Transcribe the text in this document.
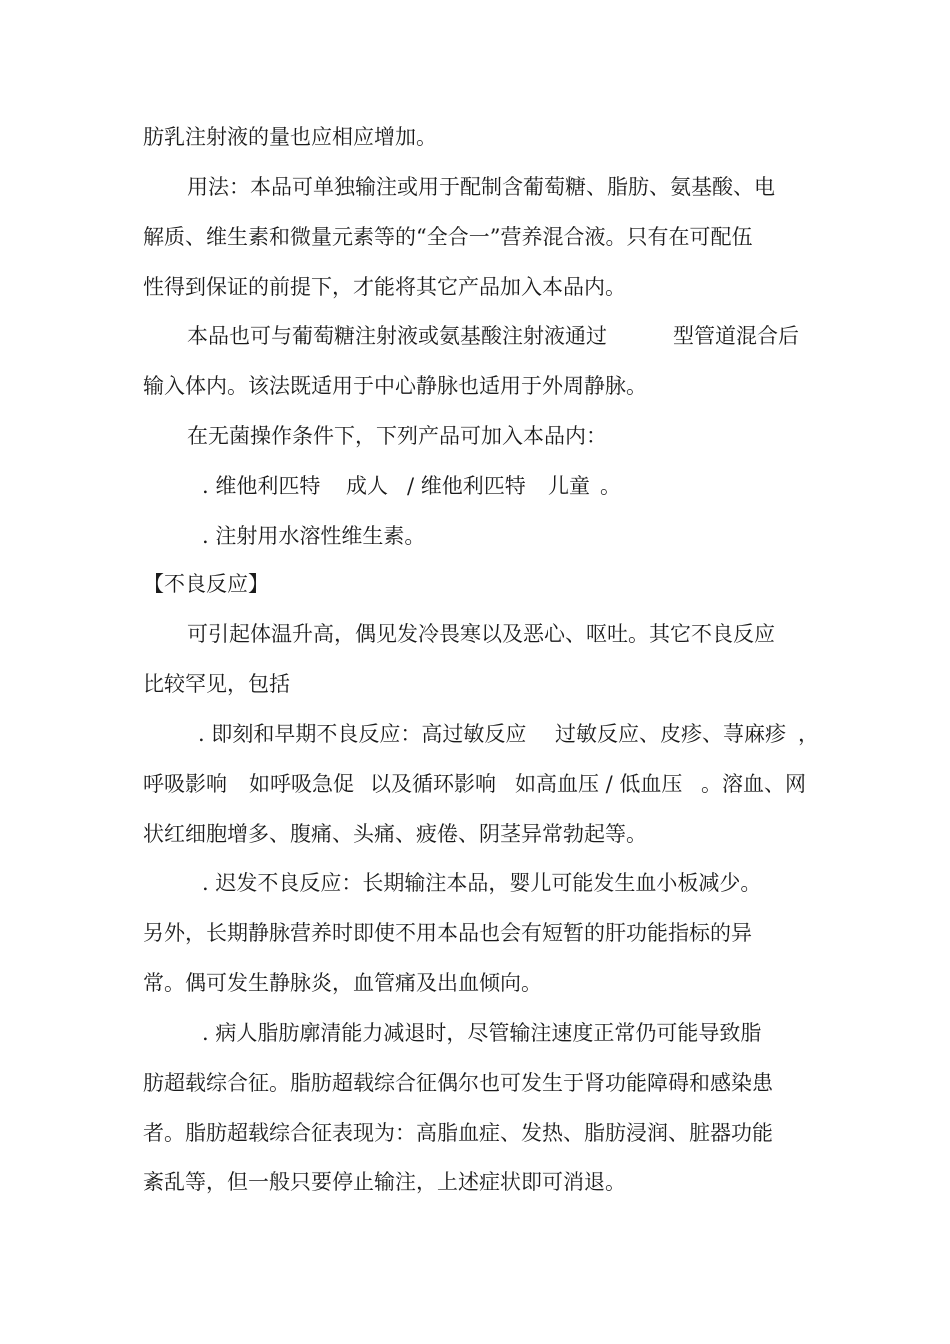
肪乳注射液的量也应相应增加。
用法：本品可单独输注或用于配制含葡萄糖、脂肪、氨基酸、电
解质、维生素和微量元素等的“全合一”营养混合液。只有在可配伍
性得到保证的前提下，才能将其它产品加入本品内。
本品也可与葡萄糖注射液或氨基酸注射液通过	型管道混合后
输入体内。该法既适用于中心静脉也适用于外周静脉。
在无菌操作条件下，下列产品可加入本品内：
. 维他利匹特	成人 / 维他利匹特	儿童 。
. 注射用水溶性维生素。
【不良反应】
可引起体温升高，偶见发冷畏寒以及恶心、呕吐。其它不良反应
比较罕见，包括
. 即刻和早期不良反应：高过敏反应 过敏反应、皮疹、荨麻疹 ，
呼吸影响	如呼吸急促 以及循环影响 如高血压 / 低血压 。溶血、网
状红细胞增多、腹痛、头痛、疲倦、阴茎异常勃起等。
. 迟发不良反应：长期输注本品，婴儿可能发生血小板减少。
另外，长期静脉营养时即使不用本品也会有短暂的肝功能指标的异
常。偶可发生静脉炎，血管痛及出血倾向。
. 病人脂肪廓清能力减退时，尽管输注速度正常仍可能导致脂
肪超载综合征。脂肪超载综合征偶尔也可发生于肾功能障碍和感染患
者。脂肪超载综合征表现为：高脂血症、发热、脂肪浸润、脏器功能
紊乱等，但一般只要停止输注，上述症状即可消退。
